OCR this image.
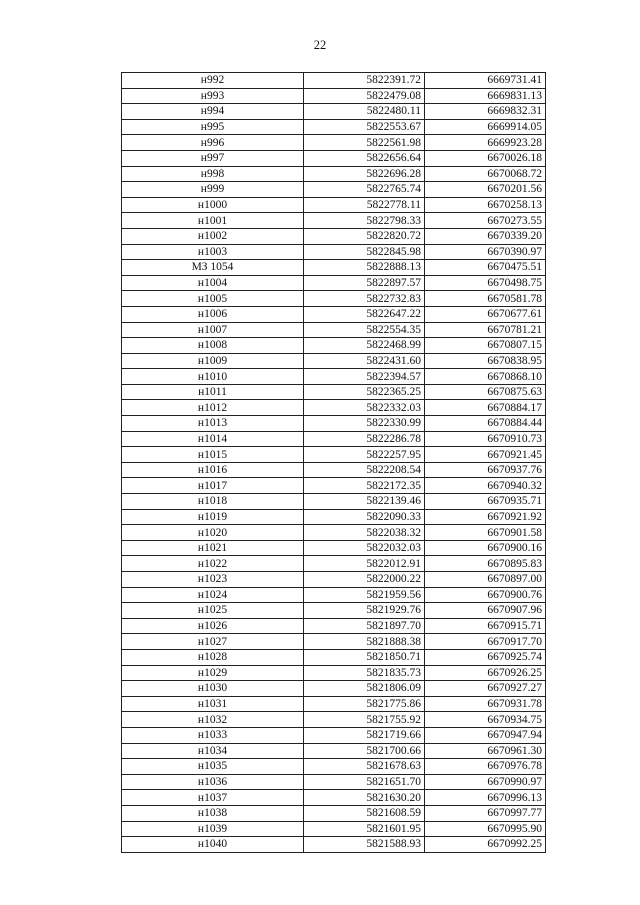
22
н992	5822391.72	6669731.41
н993	5822479.08	6669831.13
н994	5822480.11	6669832.31
н995	5822553.67	6669914.05
н996	5822561.98	6669923.28
н997	5822656.64	6670026.18
н998	5822696.28	6670068.72
н999	5822765.74	6670201.56
н1000	5822778.11	6670258.13
н1001	5822798.33	6670273.55
н1002	5822820.72	6670339.20
н1003	5822845.98	6670390.97
МЗ 1054	5822888.13	6670475.51
н1004	5822897.57	6670498.75
н1005	5822732.83	6670581.78
н1006	5822647.22	6670677.61
н1007	5822554.35	6670781.21
н1008	5822468.99	6670807.15
н1009	5822431.60	6670838.95
н1010	5822394.57	6670868.10
н1011	5822365.25	6670875.63
н1012	5822332.03	6670884.17
н1013	5822330.99	6670884.44
н1014	5822286.78	6670910.73
н1015	5822257.95	6670921.45
н1016	5822208.54	6670937.76
н1017	5822172.35	6670940.32
н1018	5822139.46	6670935.71
н1019	5822090.33	6670921.92
н1020	5822038.32	6670901.58
н1021	5822032.03	6670900.16
н1022	5822012.91	6670895.83
н1023	5822000.22	6670897.00
н1024	5821959.56	6670900.76
н1025	5821929.76	6670907.96
н1026	5821897.70	6670915.71
н1027	5821888.38	6670917.70
н1028	5821850.71	6670925.74
н1029	5821835.73	6670926.25
н1030	5821806.09	6670927.27
н1031	5821775.86	6670931.78
н1032	5821755.92	6670934.75
н1033	5821719.66	6670947.94
н1034	5821700.66	6670961.30
н1035	5821678.63	6670976.78
н1036	5821651.70	6670990.97
н1037	5821630.20	6670996.13
н1038	5821608.59	6670997.77
н1039	5821601.95	6670995.90
н1040	5821588.93	6670992.25
